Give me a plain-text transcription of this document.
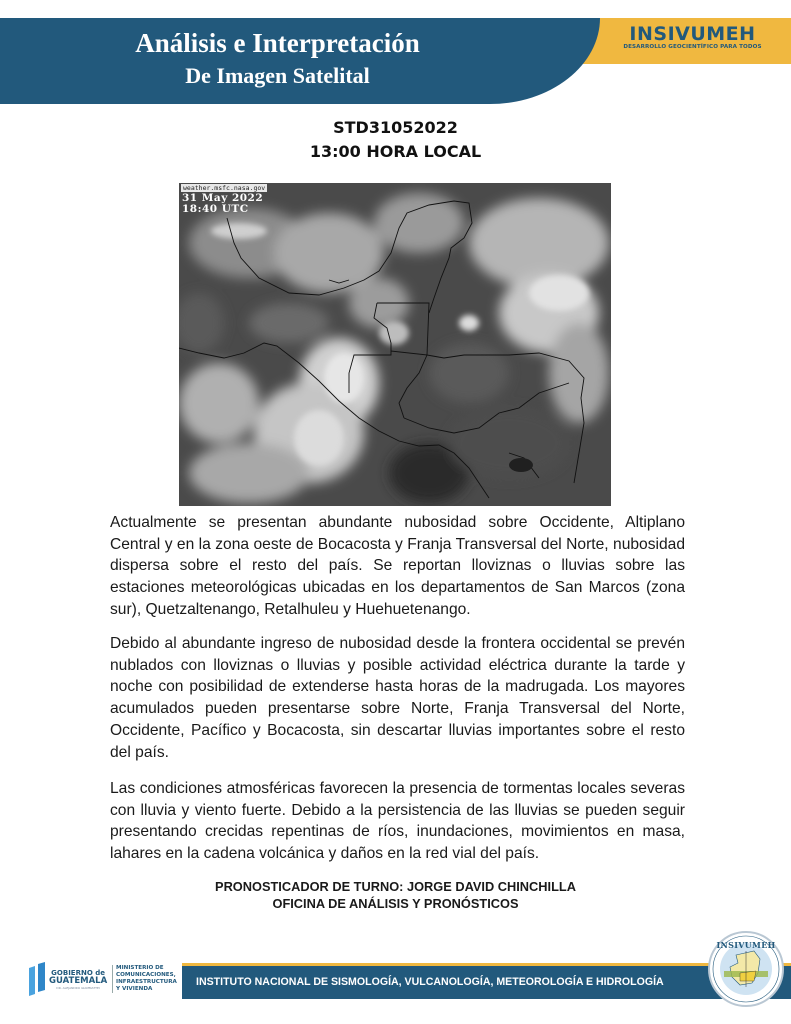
Análisis e Interpretación
De Imagen Satelital
INSIVUMEH
DESARROLLO GEOCIENTÍFICO PARA TODOS
STD31052022
13:00 HORA LOCAL
weather.msfc.nasa.gov
31 May 2022
18:40 UTC
Actualmente se presentan abundante nubosidad sobre Occidente, Altiplano Central y en la zona oeste de Bocacosta y Franja Transversal del Norte, nubosidad dispersa sobre el resto del país. Se reportan lloviznas o lluvias sobre las estaciones meteorológicas ubicadas en los departamentos de San Marcos (zona sur), Quetzaltenango, Retalhuleu y Huehuetenango.
Debido al abundante ingreso de nubosidad desde la frontera occidental se prevén nublados con lloviznas o lluvias y posible actividad eléctrica durante la tarde y noche con posibilidad de extenderse hasta horas de la madrugada. Los mayores acumulados pueden presentarse sobre Norte, Franja Transversal del Norte, Occidente, Pacífico y Bocacosta, sin descartar lluvias importantes sobre el resto del país.
Las condiciones atmosféricas favorecen la presencia de tormentas locales severas con lluvia y viento fuerte. Debido a la persistencia de las lluvias se pueden seguir presentando crecidas repentinas de ríos, inundaciones, movimientos en masa, lahares en la cadena volcánica y daños en la red vial del país.
PRONOSTICADOR DE TURNO: JORGE DAVID CHINCHILLA
OFICINA DE ANÁLISIS Y PRONÓSTICOS
GOBIERNO de
GUATEMALA
DR. ALEJANDRO GIAMMATTEI
MINISTERIO DE
COMUNICACIONES,
INFRAESTRUCTURA
Y VIVIENDA
INSTITUTO NACIONAL DE SISMOLOGÍA, VULCANOLOGÍA, METEOROLOGÍA E HIDROLOGÍA
INSIVUMEH
